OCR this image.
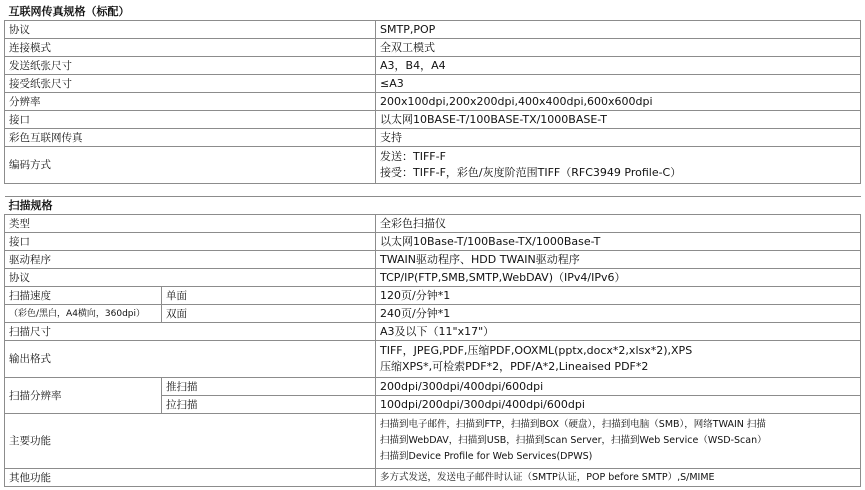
互联网传真规格（标配）		
协议		SMTP,POP
连接模式		全双工模式
发送纸张尺寸		A3，B4，A4
接受纸张尺寸		≤A3
分辨率		200x100dpi,200x200dpi,400x400dpi,600x600dpi
接口		以太网10BASE-T/100BASE-TX/1000BASE-T
彩色互联网传真		支持
编码方式		发送：TIFF-F
接受：TIFF-F，彩色/灰度阶范围TIFF（RFC3949 Profile-C）

扫描规格		
类型		全彩色扫描仪
接口		以太网10Base-T/100Base-TX/1000Base-T
驱动程序		TWAIN驱动程序、HDD TWAIN驱动程序
协议		TCP/IP(FTP,SMB,SMTP,WebDAV)（IPv4/IPv6）
扫描速度	单面	120页/分钟*1
（彩色/黑白，A4横向，360dpi）	双面	240页/分钟*1
扫描尺寸		A3及以下（11"x17"）
输出格式		TIFF，JPEG,PDF,压缩PDF,OOXML(pptx,docx*2,xlsx*2),XPS
压缩XPS*,可检索PDF*2，PDF/A*2,Lineaised PDF*2

扫描分辨率	推扫描	200dpi/300dpi/400dpi/600dpi
	拉扫描	100dpi/200dpi/300dpi/400dpi/600dpi
主要功能		扫描到电子邮件，扫描到FTP，扫描到BOX（硬盘），扫描到电脑（SMB），网络TWAIN 扫描
扫描到WebDAV，扫描到USB，扫描到Scan Server，扫描到Web Service（WSD-Scan）
扫描到Device Profile for Web Services(DPWS)

其他功能		多方式发送，发送电子邮件时认证（SMTP认证，POP before SMTP）,S/MIME
